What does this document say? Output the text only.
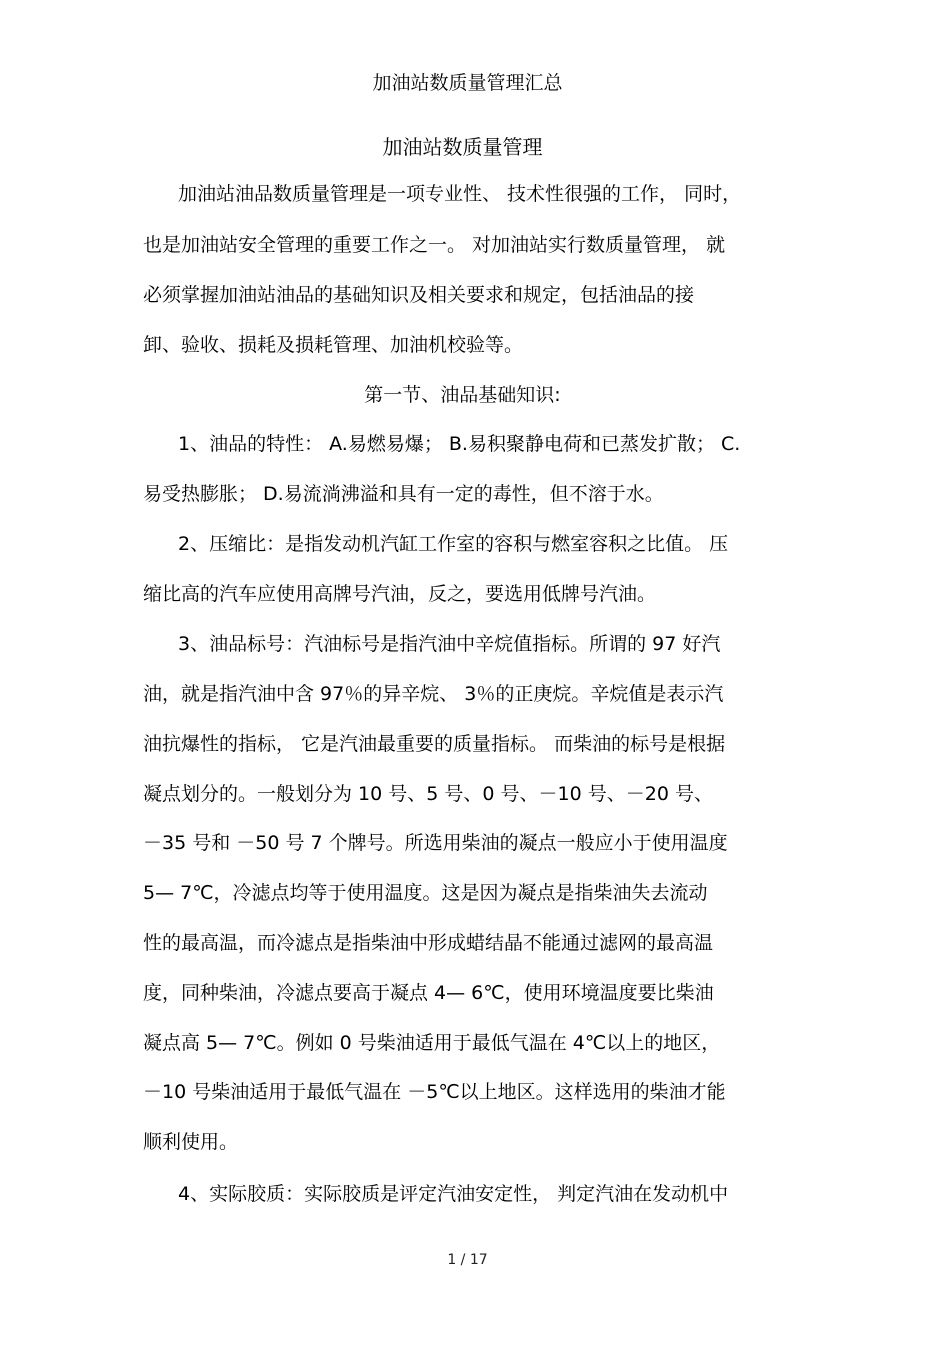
加油站数质量管理汇总
加油站数质量管理
加油站油品数质量管理是一项专业性、 技术性很强的工作， 同时，
也是加油站安全管理的重要工作之一。 对加油站实行数质量管理， 就
必须掌握加油站油品的基础知识及相关要求和规定，包括油品的接
卸、验收、损耗及损耗管理、加油机校验等。
第一节、油品基础知识:
1、油品的特性： A.易燃易爆； B.易积聚静电荷和已蒸发扩散； C.
易受热膨胀； D.易流淌沸溢和具有一定的毒性，但不溶于水。
2、压缩比：是指发动机汽缸工作室的容积与燃室容积之比值。 压
缩比高的汽车应使用高牌号汽油，反之，要选用低牌号汽油。
3、油品标号：汽油标号是指汽油中辛烷值指标。所谓的 97 好汽
油，就是指汽油中含 97％的异辛烷、 3％的正庚烷。辛烷值是表示汽
油抗爆性的指标， 它是汽油最重要的质量指标。 而柴油的标号是根据
凝点划分的。一般划分为 10 号、5 号、0 号、－10 号、－20 号、
－35 号和 －50 号 7 个牌号。所选用柴油的凝点一般应小于使用温度
5— 7℃，冷滤点均等于使用温度。这是因为凝点是指柴油失去流动
性的最高温，而冷滤点是指柴油中形成蜡结晶不能通过滤网的最高温
度，同种柴油，冷滤点要高于凝点 4— 6℃，使用环境温度要比柴油
凝点高 5— 7℃。例如 0 号柴油适用于最低气温在 4℃以上的地区，
－10 号柴油适用于最低气温在 －5℃以上地区。这样选用的柴油才能
顺利使用。
4、实际胶质：实际胶质是评定汽油安定性， 判定汽油在发动机中
1 / 17
